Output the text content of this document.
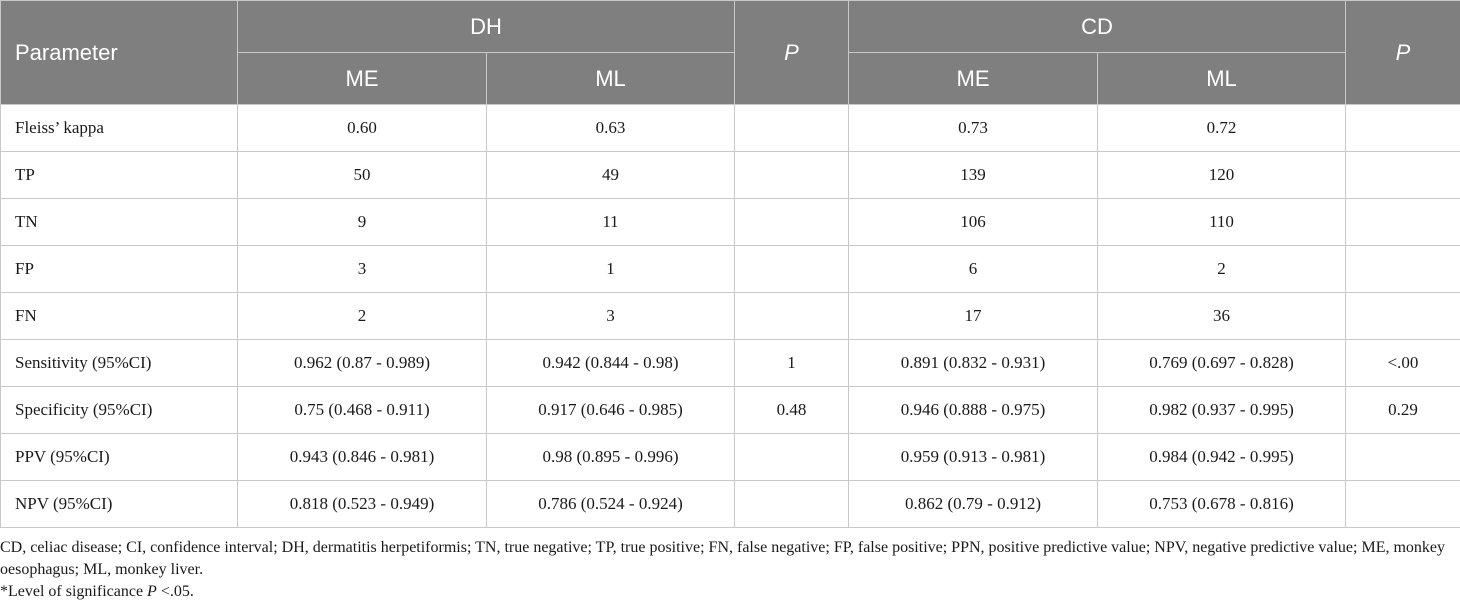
Parameter	DH		P	CD		P
	ME	ML		ME	ML	
Fleiss’ kappa	0.60	0.63		0.73	0.72	
TP	50	49		139	120	
TN	9	11		106	110	
FP	3	1		6	2	
FN	2	3		17	36	
Sensitivity (95%CI)	0.962 (0.87 - 0.989)	0.942 (0.844 - 0.98)	1	0.891 (0.832 - 0.931)	0.769 (0.697 - 0.828)	<.00
Specificity (95%CI)	0.75 (0.468 - 0.911)	0.917 (0.646 - 0.985)	0.48	0.946 (0.888 - 0.975)	0.982 (0.937 - 0.995)	0.29
PPV (95%CI)	0.943 (0.846 - 0.981)	0.98 (0.895 - 0.996)		0.959 (0.913 - 0.981)	0.984 (0.942 - 0.995)	
NPV (95%CI)	0.818 (0.523 - 0.949)	0.786 (0.524 - 0.924)		0.862 (0.79 - 0.912)	0.753 (0.678 - 0.816)	
CD, celiac disease; CI, confidence interval; DH, dermatitis herpetiformis; TN, true negative; TP, true positive; FN, false negative; FP, false positive; PPN, positive predictive value; NPV, negative predictive value; ME, monkey oesophagus; ML, monkey liver.
*Level of significance P <.05.
